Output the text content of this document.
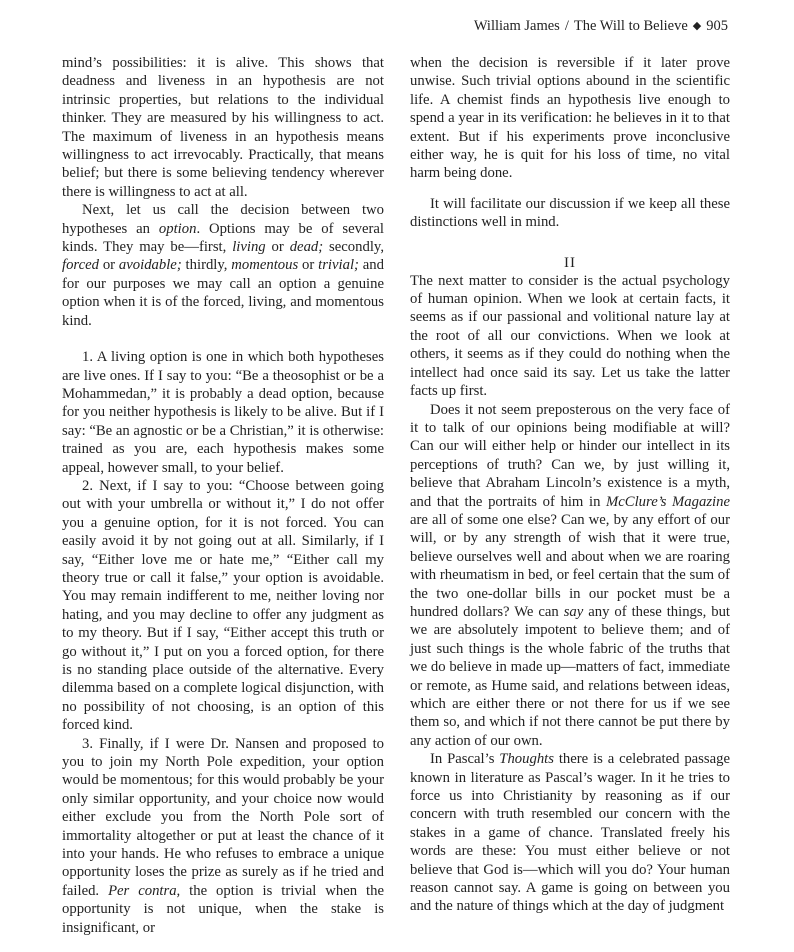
William James / The Will to Believe ◆ 905

mind’s possibilities: it is alive. This shows that deadness and liveness in an hypothesis are not intrinsic properties, but relations to the individual thinker. They are measured by his willingness to act. The maximum of liveness in an hypothesis means willingness to act irrevocably. Practically, that means belief; but there is some believing tendency wherever there is willingness to act at all.

Next, let us call the decision between two hypotheses an option. Options may be of several kinds. They may be—first, living or dead; secondly, forced or avoidable; thirdly, momentous or trivial; and for our purposes we may call an option a genuine option when it is of the forced, living, and momentous kind.

1. A living option is one in which both hypotheses are live ones. If I say to you: “Be a theosophist or be a Mohammedan,” it is probably a dead option, because for you neither hypothesis is likely to be alive. But if I say: “Be an agnostic or be a Christian,” it is otherwise: trained as you are, each hypothesis makes some appeal, however small, to your belief.

2. Next, if I say to you: “Choose between going out with your umbrella or without it,” I do not offer you a genuine option, for it is not forced. You can easily avoid it by not going out at all. Similarly, if I say, “Either love me or hate me,” “Either call my theory true or call it false,” your option is avoidable. You may remain indifferent to me, neither loving nor hating, and you may decline to offer any judgment as to my theory. But if I say, “Either accept this truth or go without it,” I put on you a forced option, for there is no standing place outside of the alternative. Every dilemma based on a complete logical disjunction, with no possibility of not choosing, is an option of this forced kind.

3. Finally, if I were Dr. Nansen and proposed to you to join my North Pole expedition, your option would be momentous; for this would probably be your only similar opportunity, and your choice now would either exclude you from the North Pole sort of immortality altogether or put at least the chance of it into your hands. He who refuses to embrace a unique opportunity loses the prize as surely as if he tried and failed. Per contra, the option is trivial when the opportunity is not unique, when the stake is insignificant, or

when the decision is reversible if it later prove unwise. Such trivial options abound in the scientific life. A chemist finds an hypothesis live enough to spend a year in its verification: he believes in it to that extent. But if his experiments prove inconclusive either way, he is quit for his loss of time, no vital harm being done.

It will facilitate our discussion if we keep all these distinctions well in mind.

II

The next matter to consider is the actual psychology of human opinion. When we look at certain facts, it seems as if our passional and volitional nature lay at the root of all our convictions. When we look at others, it seems as if they could do nothing when the intellect had once said its say. Let us take the latter facts up first.

Does it not seem preposterous on the very face of it to talk of our opinions being modifiable at will? Can our will either help or hinder our intellect in its perceptions of truth? Can we, by just willing it, believe that Abraham Lincoln’s existence is a myth, and that the portraits of him in McClure’s Magazine are all of some one else? Can we, by any effort of our will, or by any strength of wish that it were true, believe ourselves well and about when we are roaring with rheumatism in bed, or feel certain that the sum of the two one-dollar bills in our pocket must be a hundred dollars? We can say any of these things, but we are absolutely impotent to believe them; and of just such things is the whole fabric of the truths that we do believe in made up—matters of fact, immediate or remote, as Hume said, and relations between ideas, which are either there or not there for us if we see them so, and which if not there cannot be put there by any action of our own.

In Pascal’s Thoughts there is a celebrated passage known in literature as Pascal’s wager. In it he tries to force us into Christianity by reasoning as if our concern with truth resembled our concern with the stakes in a game of chance. Translated freely his words are these: You must either believe or not believe that God is—which will you do? Your human reason cannot say. A game is going on between you and the nature of things which at the day of judgment
